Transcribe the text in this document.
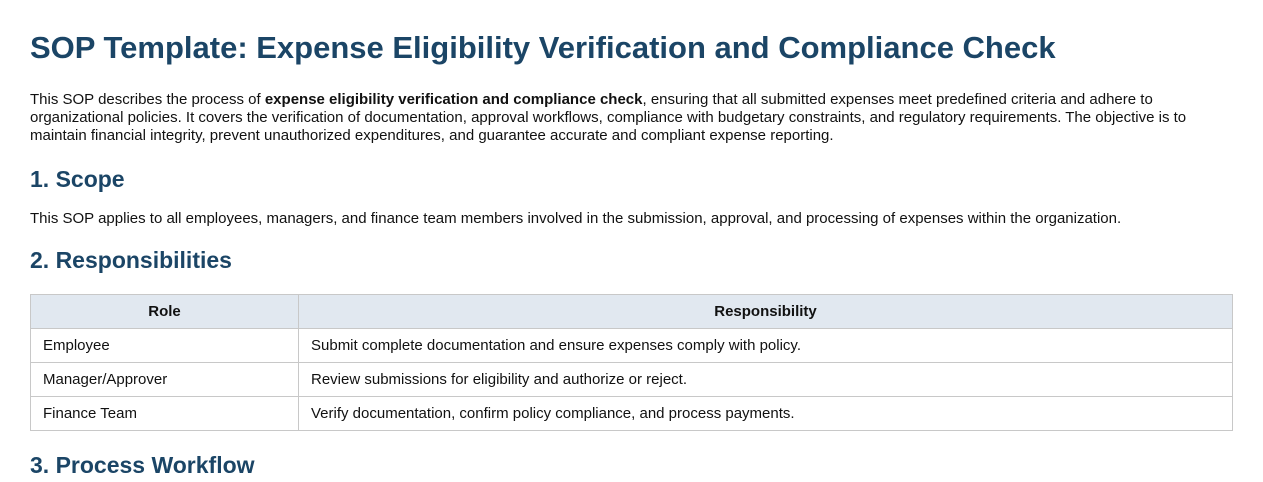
SOP Template: Expense Eligibility Verification and Compliance Check

This SOP describes the process of expense eligibility verification and compliance check, ensuring that all submitted expenses meet predefined criteria and adhere to organizational policies. It covers the verification of documentation, approval workflows, compliance with budgetary constraints, and regulatory requirements. The objective is to maintain financial integrity, prevent unauthorized expenditures, and guarantee accurate and compliant expense reporting.

1. Scope

This SOP applies to all employees, managers, and finance team members involved in the submission, approval, and processing of expenses within the organization.

2. Responsibilities
Role	Responsibility
Employee	Submit complete documentation and ensure expenses comply with policy.
Manager/Approver	Review submissions for eligibility and authorize or reject.
Finance Team	Verify documentation, confirm policy compliance, and process payments.
3. Process Workflow
